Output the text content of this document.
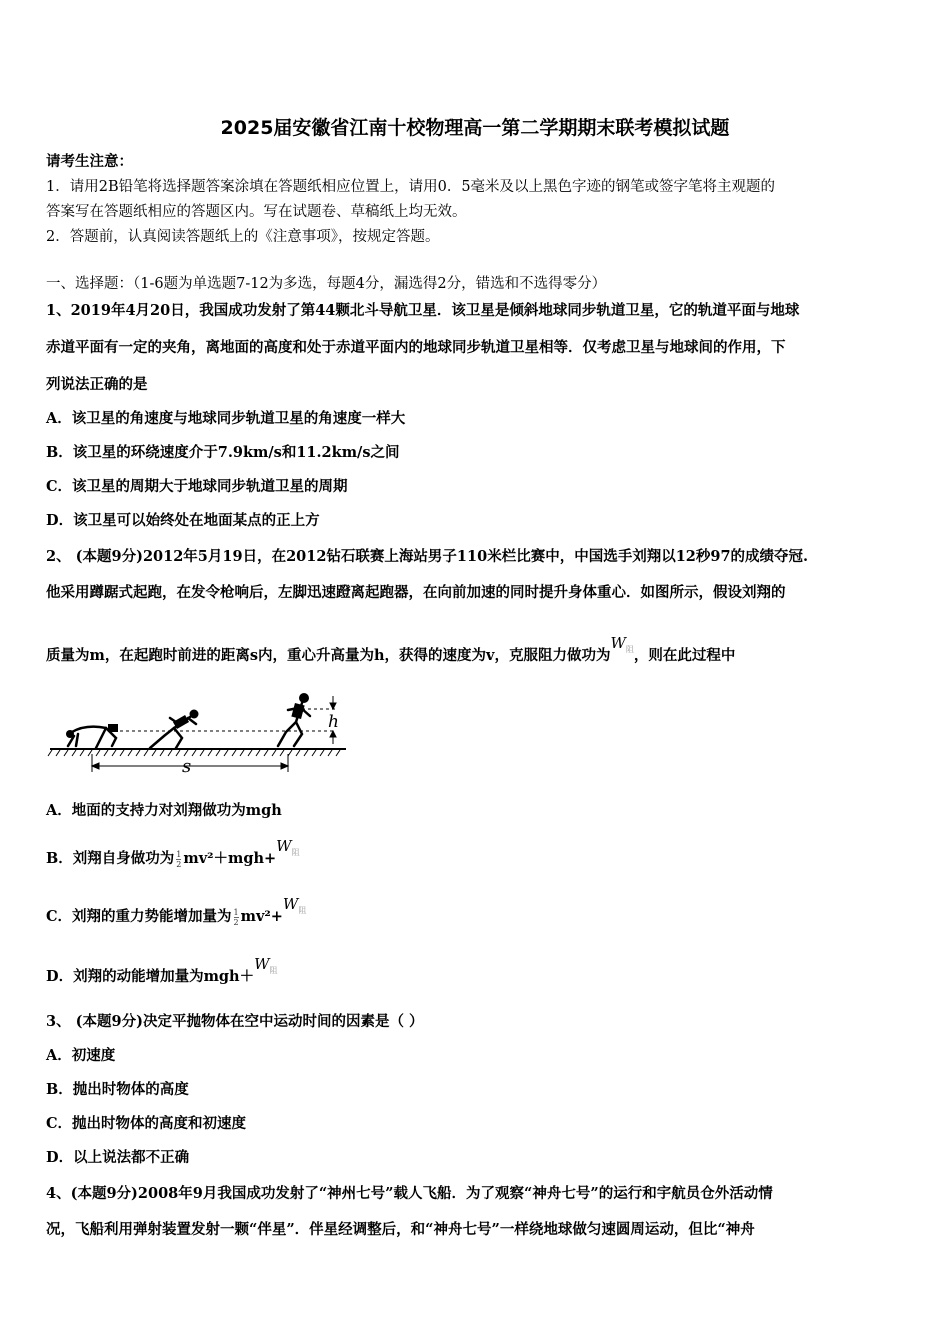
2025届安徽省江南十校物理高一第二学期期末联考模拟试题
请考生注意：
1．请用2B铅笔将选择题答案涂填在答题纸相应位置上，请用0．5毫米及以上黑色字迹的钢笔或签字笔将主观题的
答案写在答题纸相应的答题区内。写在试题卷、草稿纸上均无效。
2．答题前，认真阅读答题纸上的《注意事项》，按规定答题。
一、选择题：（1-6题为单选题7-12为多选，每题4分，漏选得2分，错选和不选得零分）
1、2019年4月20日，我国成功发射了第44颗北斗导航卫星．该卫星是倾斜地球同步轨道卫星，它的轨道平面与地球
赤道平面有一定的夹角，离地面的高度和处于赤道平面内的地球同步轨道卫星相等．仅考虑卫星与地球间的作用，下
列说法正确的是
A．该卫星的角速度与地球同步轨道卫星的角速度一样大
B．该卫星的环绕速度介于7.9km/s和11.2km/s之间
C．该卫星的周期大于地球同步轨道卫星的周期
D．该卫星可以始终处在地面某点的正上方
2、 (本题9分)2012年5月19日，在2012钻石联赛上海站男子110米栏比赛中，中国选手刘翔以12秒97的成绩夺冠.
他采用蹲踞式起跑，在发令枪响后，左脚迅速蹬离起跑器，在向前加速的同时提升身体重心．如图所示，假设刘翔的
质量为m，在起跑时前进的距离s内，重心升高量为h，获得的速度为v，克服阻力做功为$W_阻$，则在此过程中
h
s
A．地面的支持力对刘翔做功为mgh
B．刘翔自身做功为 $\frac{1}{2} mv^2+mgh+W_阻$
C．刘翔的重力势能增加量为 $\frac{1}{2} mv^2+W_阻$
D．刘翔的动能增加量为$mgh+W_阻$
3、 (本题9分)决定平抛物体在空中运动时间的因素是（ ）
A．初速度
B．抛出时物体的高度
C．抛出时物体的高度和初速度
D．以上说法都不正确
4、(本题9分)2008年9月我国成功发射了“神州七号”载人飞船．为了观察“神舟七号”的运行和宇航员仓外活动情
况，飞船利用弹射装置发射一颗“伴星”．伴星经调整后，和“神舟七号”一样绕地球做匀速圆周运动，但比“神舟
